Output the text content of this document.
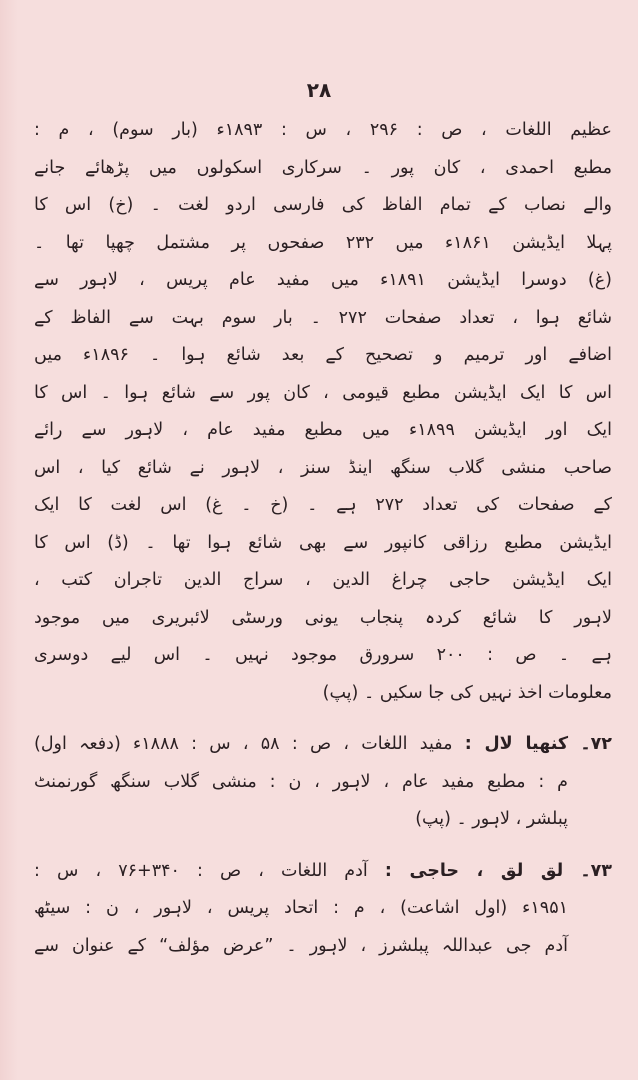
۲۸
عظیم اللغات ، ص : ۲۹۶ ، س : ۱۸۹۳ء (بار سوم) ، م :
مطبع احمدی ، کان پور ۔ سرکاری اسکولوں میں پڑھائے جانے
والے نصاب کے تمام الفاظ کی فارسی اردو لغت ۔ (خ) اس کا
پہلا ایڈیشن ۱۸۶۱ء میں ۲۳۲ صفحوں پر مشتمل چھپا تھا ۔
(غ) دوسرا ایڈیشن ۱۸۹۱ء میں مفید عام پریس ، لاہور سے
شائع ہوا ، تعداد صفحات ۲۷۲ ۔ بار سوم بہت سے الفاظ کے
اضافے اور ترمیم و تصحیح کے بعد شائع ہوا ۔ ۱۸۹۶ء میں
اس کا ایک ایڈیشن مطبع قیومی ، کان پور سے شائع ہوا ۔ اس کا
ایک اور ایڈیشن ۱۸۹۹ء میں مطبع مفید عام ، لاہور سے رائے
صاحب منشی گلاب سنگھ اینڈ سنز ، لاہور نے شائع کیا ، اس
کے صفحات کی تعداد ۲۷۲ ہے ۔ (خ ۔ غ) اس لغت کا ایک
ایڈیشن مطبع رزاقی کانپور سے بھی شائع ہوا تھا ۔ (ڈ) اس کا
ایک ایڈیشن حاجی چراغ الدین ، سراج الدین تاجران کتب ،
لاہور کا شائع کردہ پنجاب یونی ورسٹی لائبریری میں موجود
ہے ۔ ص : ۲۰۰ سرورق موجود نہیں ۔ اس لیے دوسری
معلومات اخذ نہیں کی جا سکیں ۔ (پپ)
۷۲۔ کنھیا لال : مفید اللغات ، ص : ۵۸ ، س : ۱۸۸۸ء (دفعہ اول)
م : مطبع مفید عام ، لاہور ، ن : منشی گلاب سنگھ گورنمنٹ
پبلشر ، لاہور ۔ (پپ)
۷۳۔ لق لق ، حاجی : آدم اللغات ، ص : ۳۴۰+۷۶ ، س :
۱۹۵۱ء (اول اشاعت) ، م : اتحاد پریس ، لاہور ، ن : سیٹھ
آدم جی عبداللہ پبلشرز ، لاہور ۔ ”عرض مؤلف“ کے عنوان سے
